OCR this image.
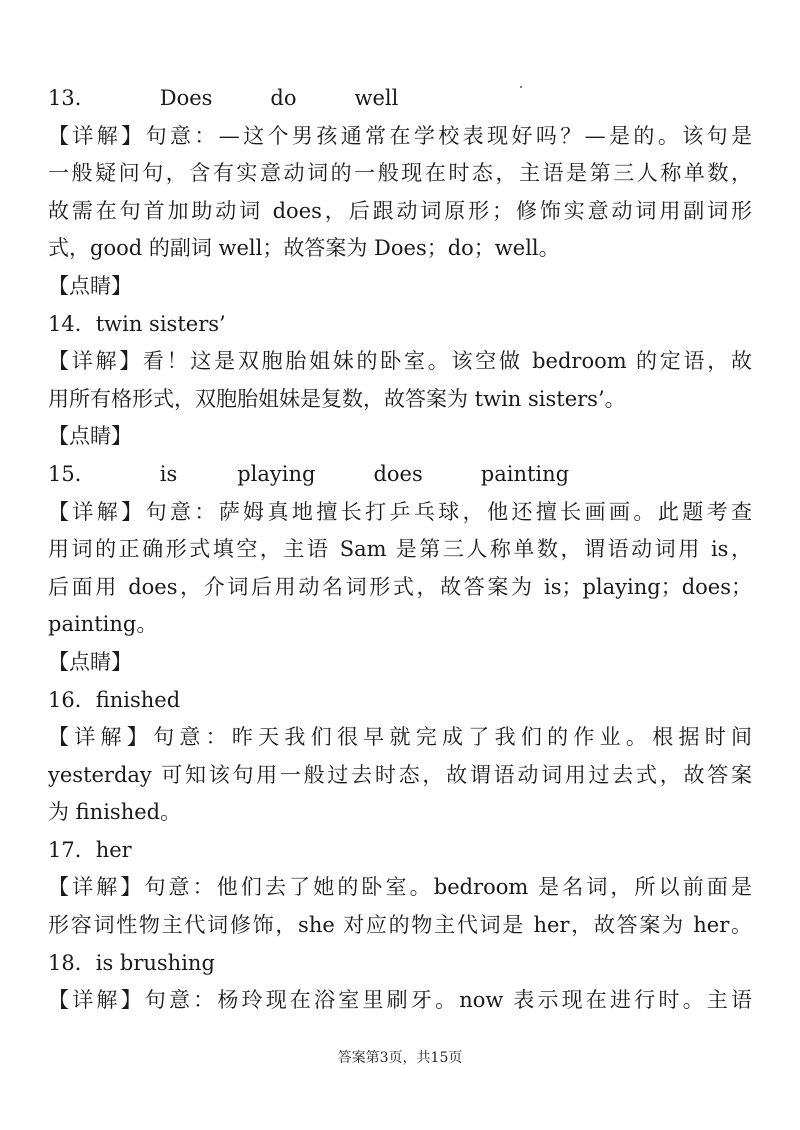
13．	Does	do	well
【详解】句意：—这个男孩通常在学校表现好吗？—是的。该句是
一般疑问句，含有实意动词的一般现在时态，主语是第三人称单数，
故需在句首加助动词 does，后跟动词原形；修饰实意动词用副词形
式，good 的副词 well；故答案为 Does；do；well。
【点睛】
14．twin sisters’
【详解】看！这是双胞胎姐妹的卧室。该空做 bedroom 的定语，故
用所有格形式，双胞胎姐妹是复数，故答案为 twin sisters’。
【点睛】
15．	is	playing	does	painting
【详解】句意：萨姆真地擅长打乒乓球，他还擅长画画。此题考查
用词的正确形式填空，主语 Sam 是第三人称单数，谓语动词用 is，
后面用 does，介词后用动名词形式，故答案为 is；playing；does；
painting。
【点睛】
16．finished
【详解】句意：昨天我们很早就完成了我们的作业。根据时间
yesterday 可知该句用一般过去时态，故谓语动词用过去式，故答案
为 finished。
17．her
【详解】句意：他们去了她的卧室。bedroom 是名词，所以前面是
形容词性物主代词修饰，she 对应的物主代词是 her，故答案为 her。
18．is brushing
【详解】句意：杨玲现在浴室里刷牙。now 表示现在进行时。主语
答案第3页，共15页
